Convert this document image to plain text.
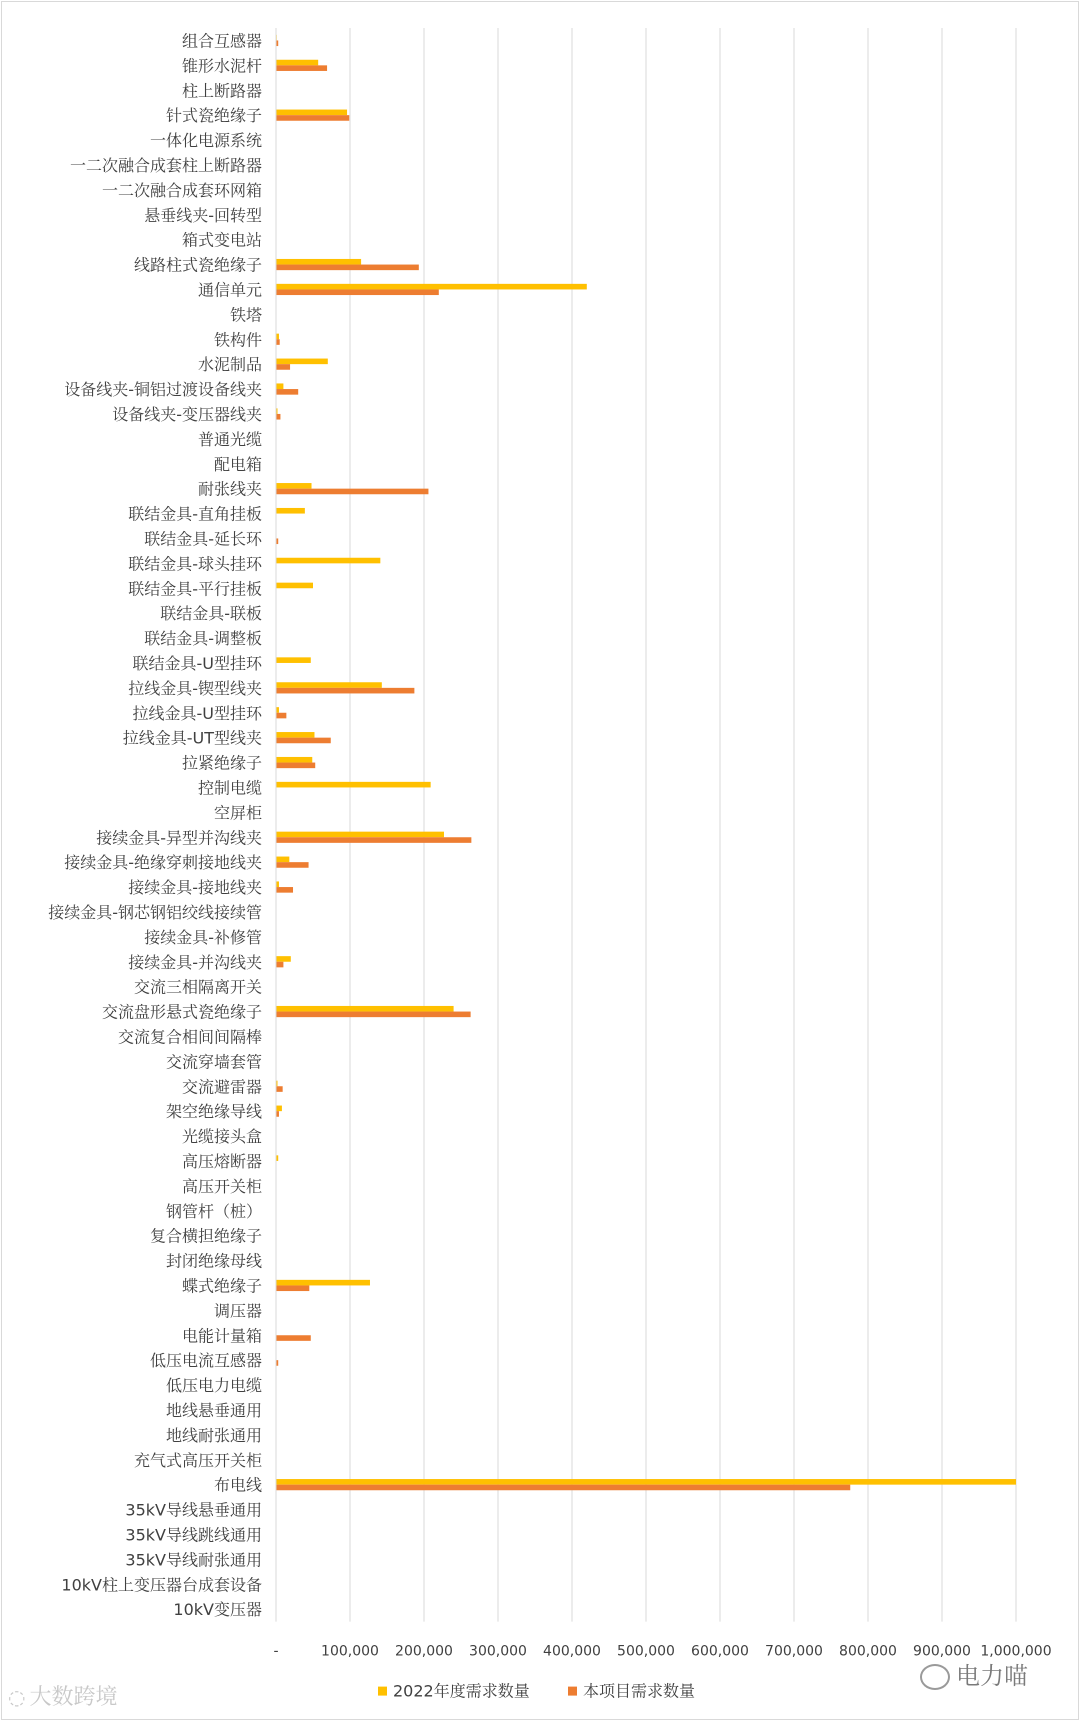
组合互感器
锥形水泥杆
柱上断路器
针式瓷绝缘子
一体化电源系统
一二次融合成套柱上断路器
一二次融合成套环网箱
悬垂线夹-回转型
箱式变电站
线路柱式瓷绝缘子
通信单元
铁塔
铁构件
水泥制品
设备线夹-铜铝过渡设备线夹
设备线夹-变压器线夹
普通光缆
配电箱
耐张线夹
联结金具-直角挂板
联结金具-延长环
联结金具-球头挂环
联结金具-平行挂板
联结金具-联板
联结金具-调整板
联结金具-U型挂环
拉线金具-锲型线夹
拉线金具-U型挂环
拉线金具-UT型线夹
拉紧绝缘子
控制电缆
空屏柜
接续金具-异型并沟线夹
接续金具-绝缘穿刺接地线夹
接续金具-接地线夹
接续金具-钢芯钢铝绞线接续管
接续金具-补修管
接续金具-并沟线夹
交流三相隔离开关
交流盘形悬式瓷绝缘子
交流复合相间间隔棒
交流穿墙套管
交流避雷器
架空绝缘导线
光缆接头盒
高压熔断器
高压开关柜
钢管杆（桩）
复合横担绝缘子
封闭绝缘母线
蝶式绝缘子
调压器
电能计量箱
低压电流互感器
低压电力电缆
地线悬垂通用
地线耐张通用
充气式高压开关柜
布电线
35kV导线悬垂通用
35kV导线跳线通用
35kV导线耐张通用
10kV柱上变压器台成套设备
10kV变压器
-	100,000 200,000 300,000 400,000 500,000 600,000 700,000 800,000 900,000 1,000,000
2022年度需求数量	本项目需求数量
◌ 大数跨境
电力喵
